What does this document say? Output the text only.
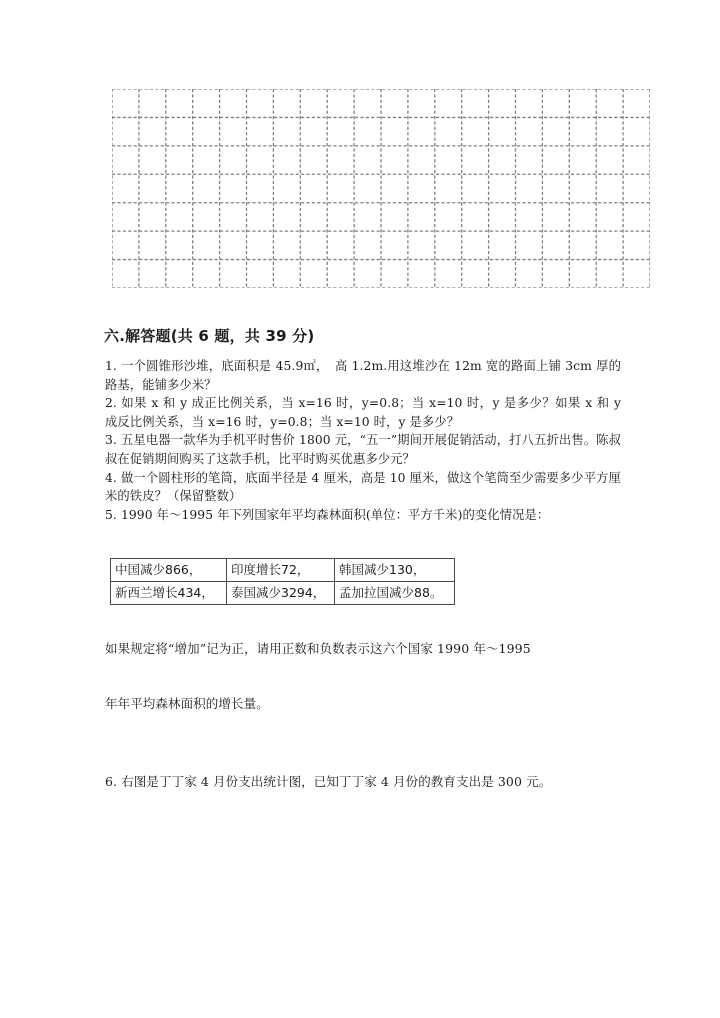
六.解答题(共 6 题，共 39 分)

1. 一个圆锥形沙堆，底面积是 45.9㎡，　高 1.2m.用这堆沙在 12m 宽的路面上铺 3cm 厚的路基，能铺多少米？

2. 如果 x 和 y 成正比例关系，当 x=16 时，y=0.8；当 x=10 时，y 是多少？如果 x 和 y 成反比例关系，当 x=16 时，y=0.8；当 x=10 时，y 是多少？

3. 五星电器一款华为手机平时售价 1800 元，“五一”期间开展促销活动，打八五折出售。陈叔叔在促销期间购买了这款手机，比平时购买优惠多少元？

4. 做一个圆柱形的笔筒，底面半径是 4 厘米，高是 10 厘米，做这个笔筒至少需要多少平方厘米的铁皮？（保留整数）

5. 1990 年～1995 年下列国家年平均森林面积(单位：平方千米)的变化情况是：

中国减少866，	印度增长72，	韩国减少130，
新西兰增长434，	泰国减少3294，	孟加拉国减少88。
如果规定将“增加”记为正，请用正数和负数表示这六个国家 1990 年～1995
年年平均森林面积的增长量。
6. 右图是丁丁家 4 月份支出统计图，已知丁丁家 4 月份的教育支出是 300 元。
